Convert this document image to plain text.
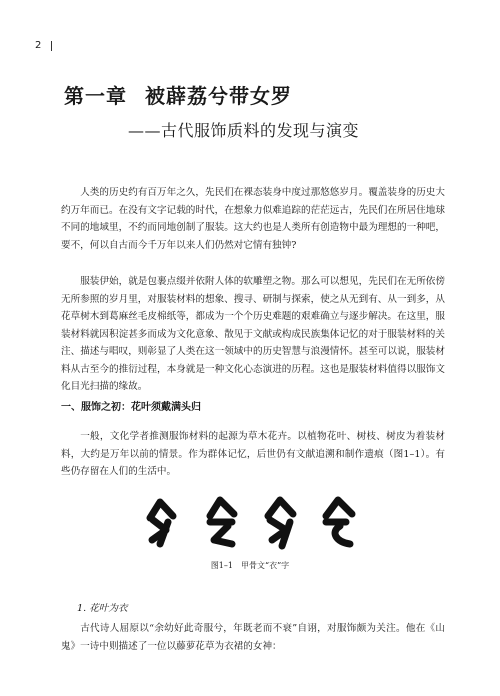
2
第一章 被薜荔兮带女罗
——古代服饰质料的发现与演变

人类的历史约有百万年之久，先民们在裸态装身中度过那悠悠岁月。覆盖装身的历史大约万年而已。在没有文字记载的时代，在想象力似难追踪的茫茫远古，先民们在所居住地球不同的地域里，不约而同地创制了服装。这大约也是人类所有创造物中最为理想的一种吧，要不，何以自古而今千万年以来人们仍然对它情有独钟?

服装伊始，就是包裹点缀并依附人体的软雕塑之物。那么可以想见，先民们在无所依傍无所参照的岁月里，对服装材料的想象、搜寻、研制与探索，使之从无到有、从一到多，从花草树木到葛麻丝毛皮棉纸等，都成为一个个历史难题的艰难确立与逐步解决。在这里，服装材料就因积淀甚多而成为文化意象、散见于文献或构成民族集体记忆的对于服装材料的关注、描述与唱叹，则彰显了人类在这一领域中的历史智慧与浪漫情怀。甚至可以说，服装材料从古至今的推衍过程，本身就是一种文化心态演进的历程。这也是服装材料值得以服饰文化目光扫描的缘故。

一、服饰之初：花叶须戴满头归

一般，文化学者推测服饰材料的起源为草木花卉。以植物花叶、树枝、树皮为着装材料，大约是万年以前的情景。作为群体记忆，后世仍有文献追溯和制作遗痕（图1–1）。有些仍存留在人们的生活中。

图1–1　甲骨文“衣”字
1. 花叶为衣

古代诗人屈原以“余幼好此奇服兮，年既老而不衰”自诩，对服饰颇为关注。他在《山鬼》一诗中则描述了一位以藤萝花草为衣裙的女神：
